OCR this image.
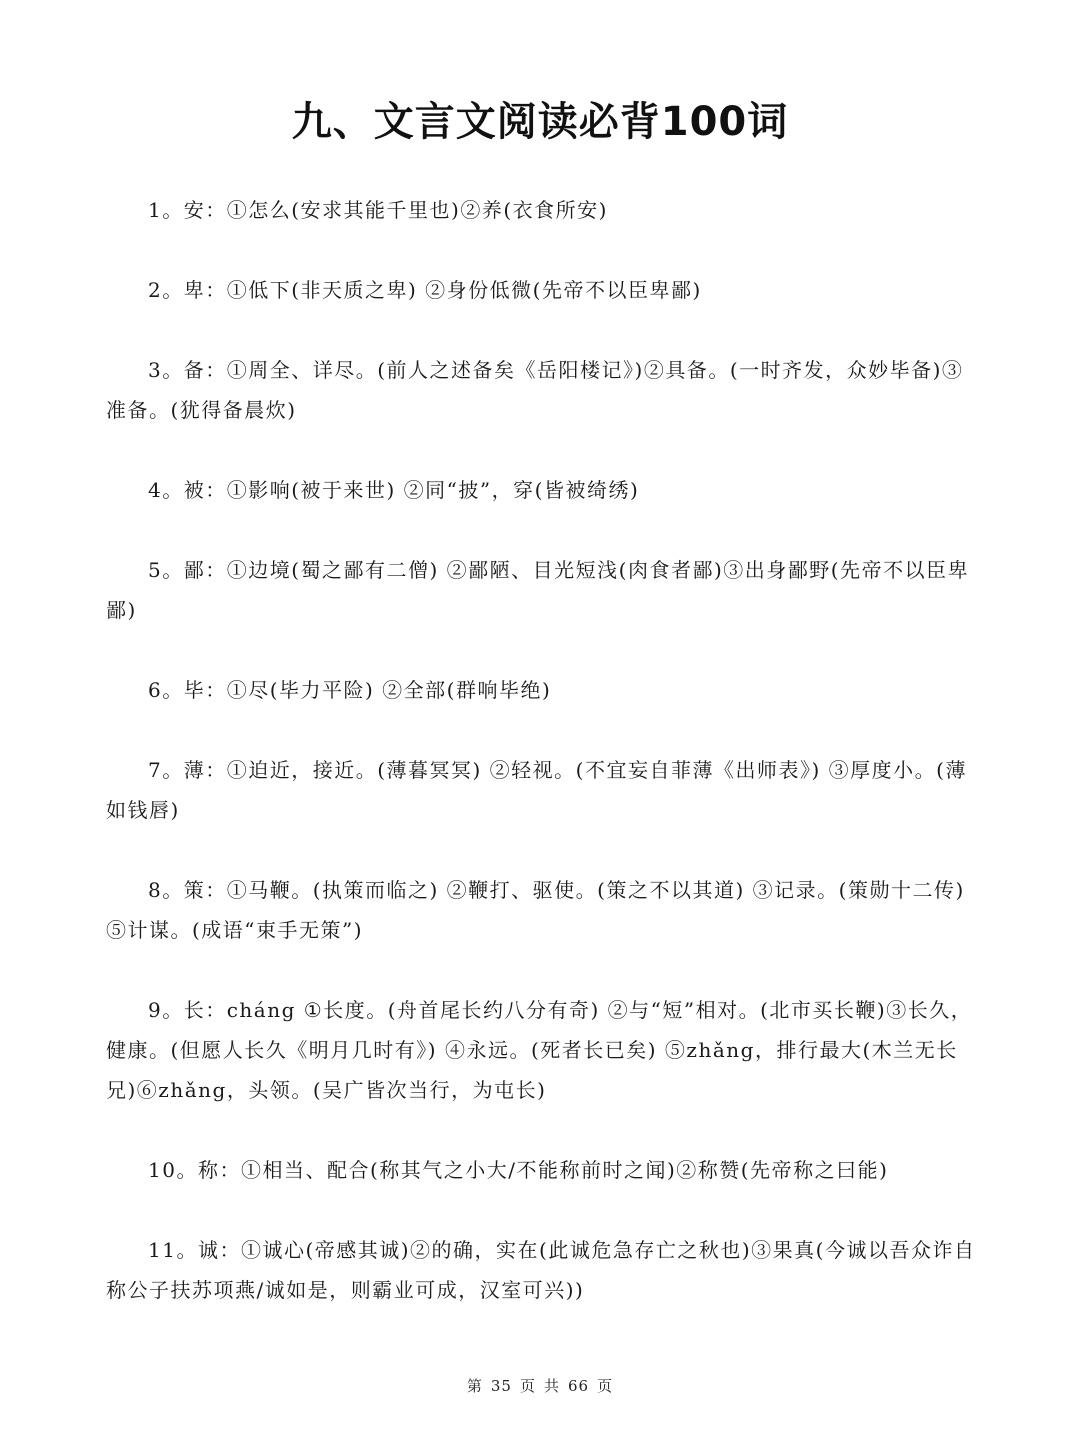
九、文言文阅读必背100词

1。安：①怎么(安求其能千里也)②养(衣食所安)

2。卑：①低下(非天质之卑) ②身份低微(先帝不以臣卑鄙)

3。备：①周全、详尽。(前人之述备矣《岳阳楼记》)②具备。(一时齐发，众妙毕备)③准备。(犹得备晨炊)

4。被：①影响(被于来世) ②同“披”，穿(皆被绮绣)

5。鄙：①边境(蜀之鄙有二僧) ②鄙陋、目光短浅(肉食者鄙)③出身鄙野(先帝不以臣卑鄙)

6。毕：①尽(毕力平险) ②全部(群响毕绝)

7。薄：①迫近，接近。(薄暮冥冥) ②轻视。(不宜妄自菲薄《出师表》) ③厚度小。(薄如钱唇)

8。策：①马鞭。(执策而临之) ②鞭打、驱使。(策之不以其道) ③记录。(策勋十二传) ⑤计谋。(成语“束手无策”)

9。长：cháng ①长度。(舟首尾长约八分有奇) ②与“短”相对。(北市买长鞭)③长久，健康。(但愿人长久《明月几时有》) ④永远。(死者长已矣) ⑤zhǎng，排行最大(木兰无长兄)⑥zhǎng，头领。(吴广皆次当行，为屯长)

10。称：①相当、配合(称其气之小大/不能称前时之闻)②称赞(先帝称之曰能)

11。诚：①诚心(帝感其诚)②的确，实在(此诚危急存亡之秋也)③果真(今诚以吾众诈自称公子扶苏项燕/诚如是，则霸业可成，汉室可兴))

第 35 页 共 66 页
